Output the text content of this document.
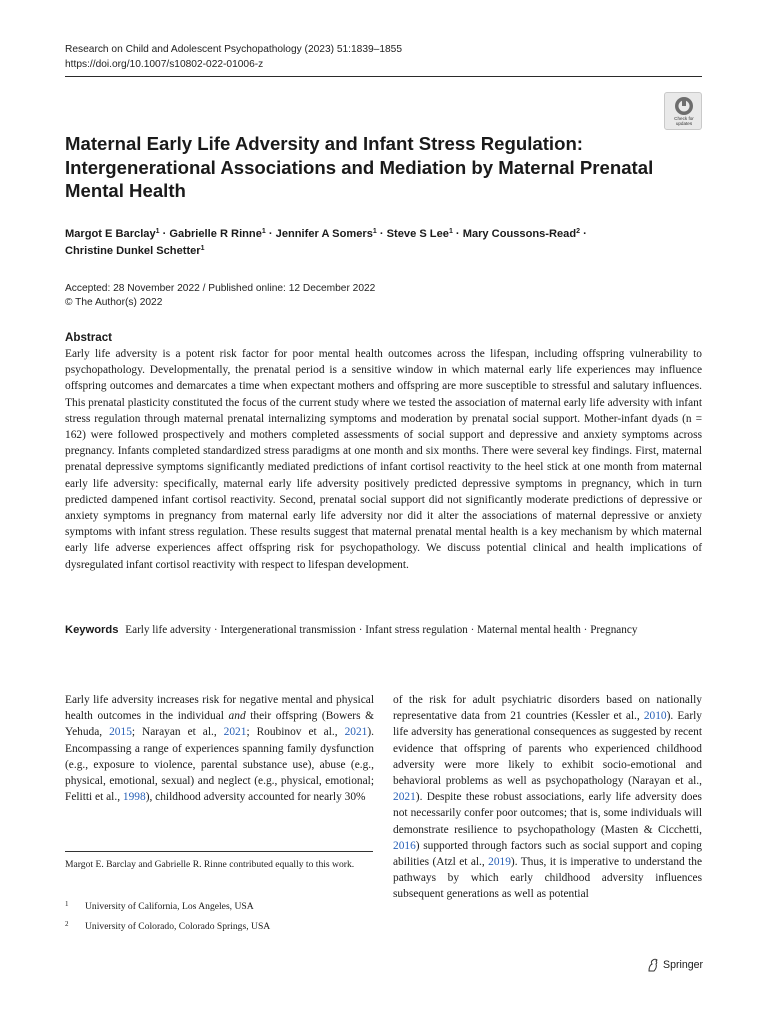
Research on Child and Adolescent Psychopathology (2023) 51:1839–1855
https://doi.org/10.1007/s10802-022-01006-z
Check for
updates
Maternal Early Life Adversity and Infant Stress Regulation: Intergenerational Associations and Mediation by Maternal Prenatal Mental Health
Margot E Barclay$^1$ · Gabrielle R Rinne$^1$ · Jennifer A Somers$^1$ · Steve S Lee$^1$ · Mary Coussons-Read$^2$ ·
Christine Dunkel Schetter$^1$
Accepted: 28 November 2022 / Published online: 12 December 2022
© The Author(s) 2022
Abstract
Early life adversity is a potent risk factor for poor mental health outcomes across the lifespan, including offspring vulnerability to psychopathology. Developmentally, the prenatal period is a sensitive window in which maternal early life experiences may influence offspring outcomes and demarcates a time when expectant mothers and offspring are more susceptible to stressful and salutary influences. This prenatal plasticity constituted the focus of the current study where we tested the association of maternal early life adversity with infant stress regulation through maternal prenatal internalizing symptoms and moderation by prenatal social support. Mother-infant dyads (n = 162) were followed prospectively and mothers completed assessments of social support and depressive and anxiety symptoms across pregnancy. Infants completed standardized stress paradigms at one month and six months. There were several key findings. First, maternal prenatal depressive symptoms significantly mediated predictions of infant cortisol reactivity to the heel stick at one month from maternal early life adversity: specifically, maternal early life adversity positively predicted depressive symptoms in pregnancy, which in turn predicted dampened infant cortisol reactivity. Second, prenatal social support did not significantly moderate predictions of depressive or anxiety symptoms in pregnancy from maternal early life adversity nor did it alter the associations of maternal depressive or anxiety symptoms with infant stress regulation. These results suggest that maternal prenatal mental health is a key mechanism by which maternal early life adverse experiences affect offspring risk for psychopathology. We discuss potential clinical and health implications of dysregulated infant cortisol reactivity with respect to lifespan development.
Keywords Early life adversity · Intergenerational transmission · Infant stress regulation · Maternal mental health · Pregnancy
Early life adversity increases risk for negative mental and physical health outcomes in the individual and their offspring (Bowers & Yehuda, 2015; Narayan et al., 2021; Roubinov et al., 2021). Encompassing a range of experiences spanning family dysfunction (e.g., exposure to violence, parental substance use), abuse (e.g., physical, emotional, sexual) and neglect (e.g., physical, emotional; Felitti et al., 1998), childhood adversity accounted for nearly 30%
of the risk for adult psychiatric disorders based on nationally representative data from 21 countries (Kessler et al., 2010). Early life adversity has generational consequences as suggested by recent evidence that offspring of parents who experienced childhood adversity were more likely to exhibit socio-emotional and behavioral problems as well as psychopathology (Narayan et al., 2021). Despite these robust associations, early life adversity does not necessarily confer poor outcomes; that is, some individuals will demonstrate resilience to psychopathology (Masten & Cicchetti, 2016) supported through factors such as social support and coping abilities (Atzl et al., 2019). Thus, it is imperative to understand the pathways by which early childhood adversity influences subsequent generations as well as potential
Margot E. Barclay and Gabrielle R. Rinne contributed equally to this work.
1 University of California, Los Angeles, USA
2 University of Colorado, Colorado Springs, USA
Springer
